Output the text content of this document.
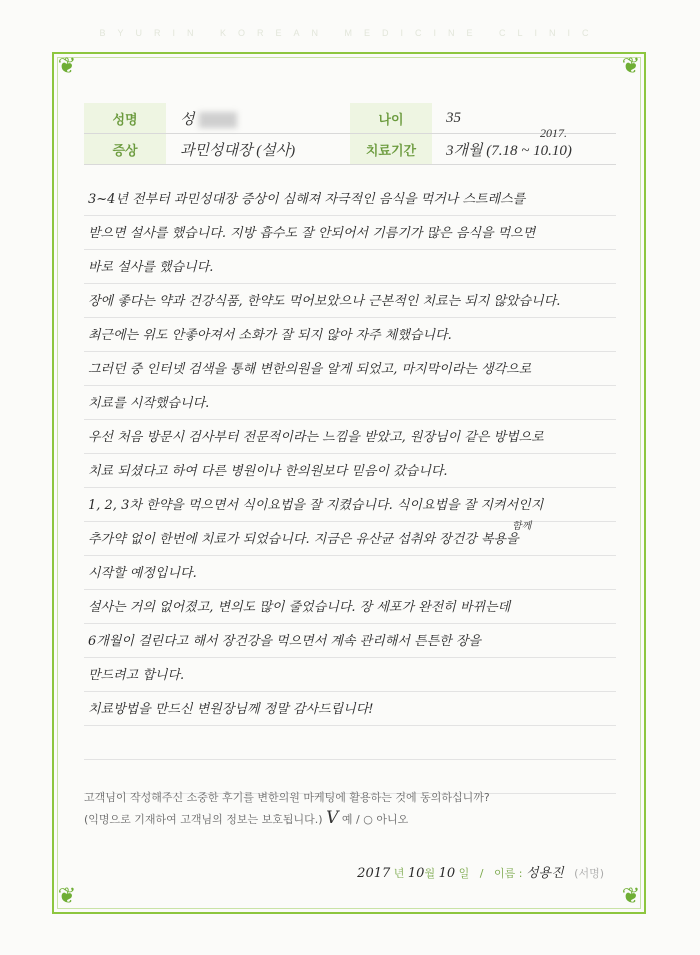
BYURIN KOREAN MEDICINE CLINIC
❦	❦
❦	❦
성명	성	나이	35
증상	과민성대장 (설사)	치료기간	3개월 (7.18 ~ 10.10)
2017.
3~4년 전부터 과민성대장 증상이 심해져 자극적인 음식을 먹거나 스트레스를
받으면 설사를 했습니다. 지방 흡수도 잘 안되어서 기름기가 많은 음식을 먹으면
바로 설사를 했습니다.
장에 좋다는 약과 건강식품, 한약도 먹어보았으나 근본적인 치료는 되지 않았습니다.
최근에는 위도 안좋아져서 소화가 잘 되지 않아 자주 체했습니다.
그러던 중 인터넷 검색을 통해 변한의원을 알게 되었고, 마지막이라는 생각으로
치료를 시작했습니다.
우선 처음 방문시 검사부터 전문적이라는 느낌을 받았고, 원장님이 같은 방법으로
치료 되셨다고 하여 다른 병원이나 한의원보다 믿음이 갔습니다.
1, 2, 3차 한약을 먹으면서 식이요법을 잘 지켰습니다. 식이요법을 잘 지켜서인지
추가약 없이 한번에 치료가 되었습니다. 지금은 유산균 섭취와 장건강 복용을
시작할 예정입니다.
설사는 거의 없어졌고, 변의도 많이 줄었습니다. 장 세포가 완전히 바뀌는데
6개월이 걸린다고 해서 장건강을 먹으면서 계속 관리해서 튼튼한 장을
만드려고 합니다.
치료방법을 만드신 변원장님께 정말 감사드립니다!
함께
고객님이 작성해주신 소중한 후기를 변한의원 마케팅에 활용하는 것에 동의하십니까?
(익명으로 기재하여 고객님의 정보는 보호됩니다.) V 예 / ○ 아니오
2017 년 10월 10 일 / 이름 : 성용진 (서명)
